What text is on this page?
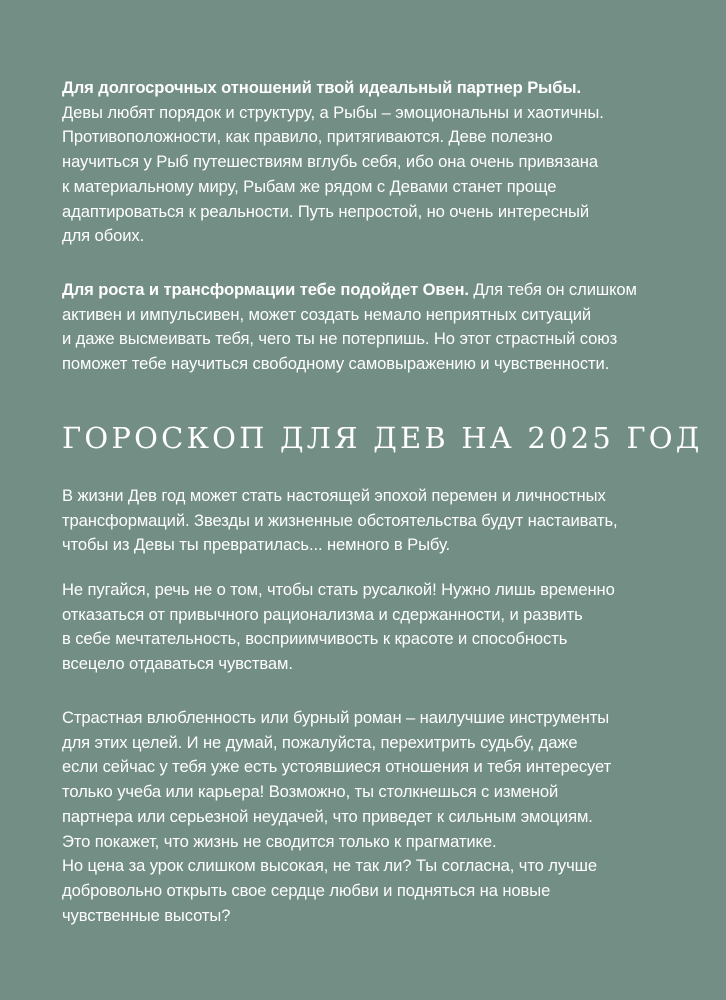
Для долгосрочных отношений твой идеальный партнер Рыбы.
Девы любят порядок и структуру, а Рыбы – эмоциональны и хаотичны.
Противоположности, как правило, притягиваются. Деве полезно
научиться у Рыб путешествиям вглубь себя, ибо она очень привязана
к материальному миру, Рыбам же рядом с Девами станет проще
адаптироваться к реальности. Путь непростой, но очень интересный
для обоих.

Для роста и трансформации тебе подойдет Овен. Для тебя он слишком
активен и импульсивен, может создать немало неприятных ситуаций
и даже высмеивать тебя, чего ты не потерпишь. Но этот страстный союз
поможет тебе научиться свободному самовыражению и чувственности.

ГОРОСКОП ДЛЯ ДЕВ НА 2025 ГОД

В жизни Дев год может стать настоящей эпохой перемен и личностных
трансформаций. Звезды и жизненные обстоятельства будут настаивать,
чтобы из Девы ты превратилась... немного в Рыбу.

Не пугайся, речь не о том, чтобы стать русалкой! Нужно лишь временно
отказаться от привычного рационализма и сдержанности, и развить
в себе мечтательность, восприимчивость к красоте и способность
всецело отдаваться чувствам.

Страстная влюбленность или бурный роман – наилучшие инструменты
для этих целей. И не думай, пожалуйста, перехитрить судьбу, даже
если сейчас у тебя уже есть устоявшиеся отношения и тебя интересует
только учеба или карьера! Возможно, ты столкнешься с изменой
партнера или серьезной неудачей, что приведет к сильным эмоциям.
Это покажет, что жизнь не сводится только к прагматике.
Но цена за урок слишком высокая, не так ли? Ты согласна, что лучше
добровольно открыть свое сердце любви и подняться на новые
чувственные высоты?
